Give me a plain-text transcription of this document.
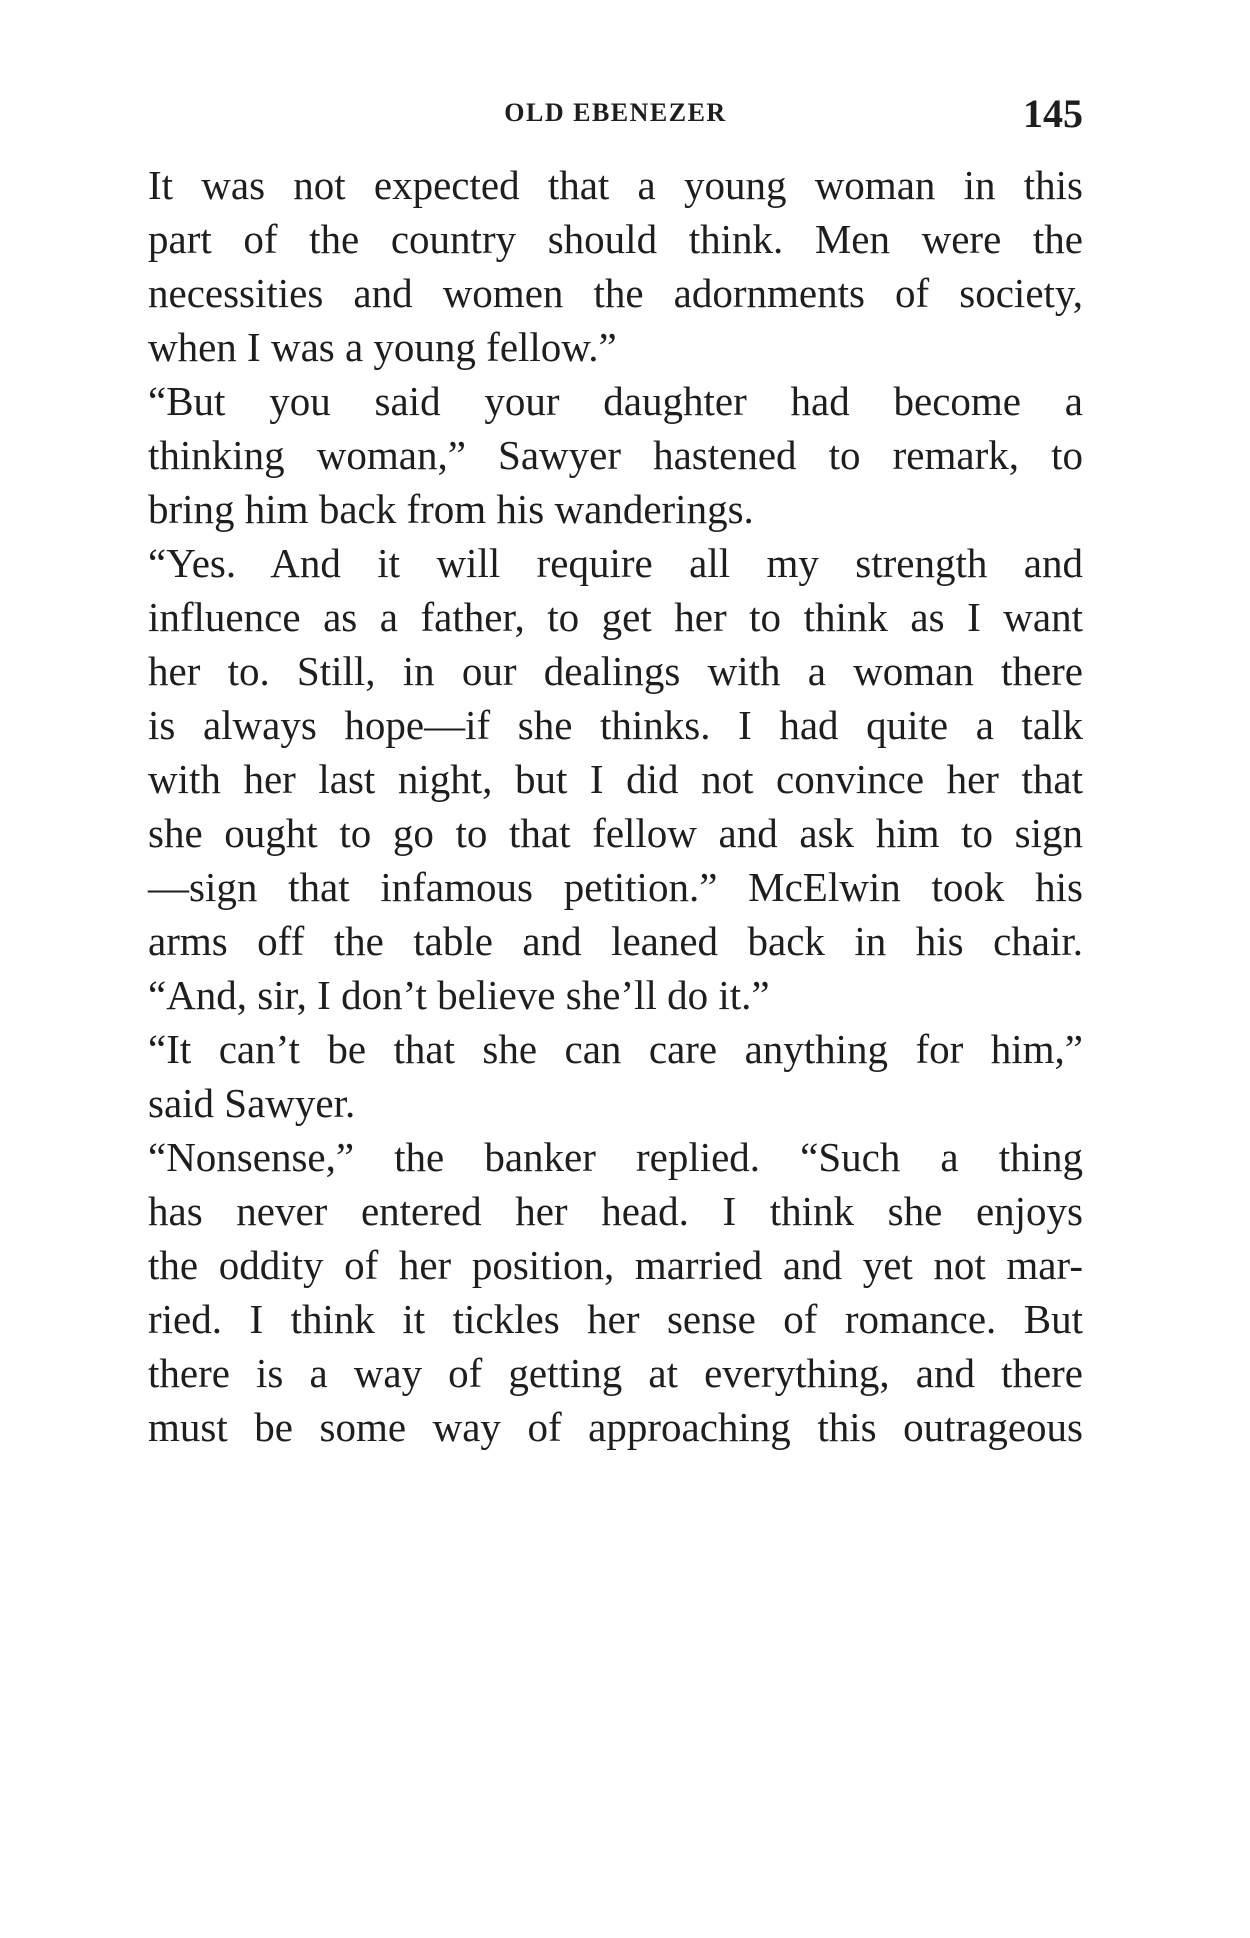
OLD EBENEZER	145
It was not expected that a young woman in this
part of the country should think. Men were the
necessities and women the adornments of society,
when I was a young fellow.”
“But you said your daughter had become a
thinking woman,” Sawyer hastened to remark, to
bring him back from his wanderings.
“Yes. And it will require all my strength and
influence as a father, to get her to think as I want
her to. Still, in our dealings with a woman there
is always hope—if she thinks. I had quite a talk
with her last night, but I did not convince her that
she ought to go to that fellow and ask him to sign
—sign that infamous petition.” McElwin took his
arms off the table and leaned back in his chair.
“And, sir, I don’t believe she’ll do it.”
“It can’t be that she can care anything for him,”
said Sawyer.
“Nonsense,” the banker replied. “Such a thing
has never entered her head. I think she enjoys
the oddity of her position, married and yet not mar-
ried. I think it tickles her sense of romance. But
there is a way of getting at everything, and there
must be some way of approaching this outrageous
